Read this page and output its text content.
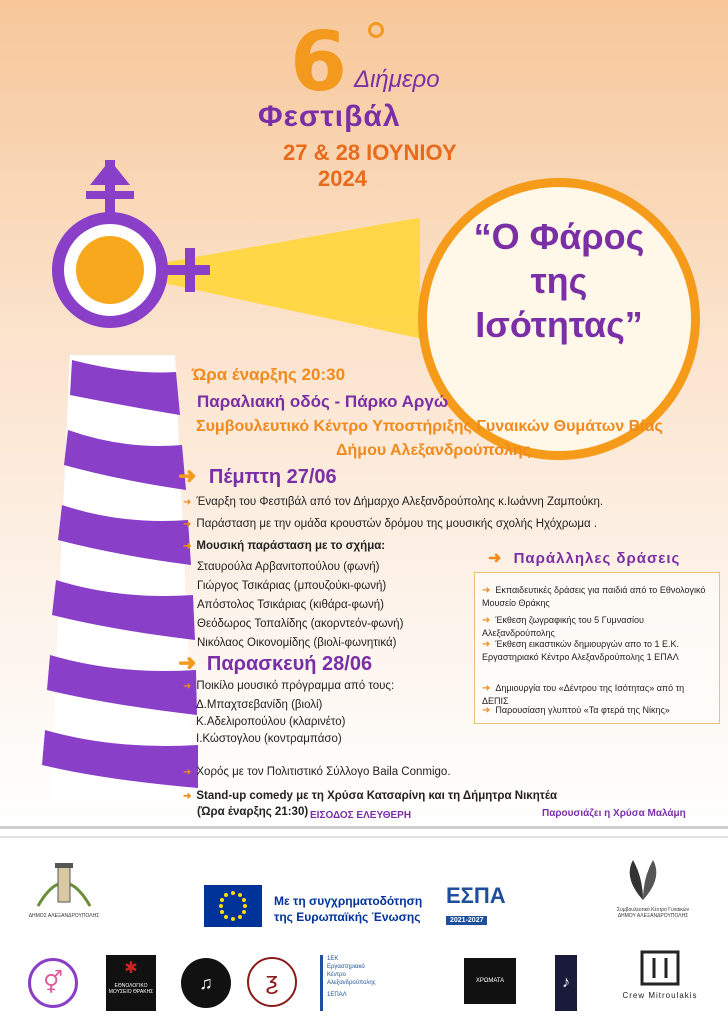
6 Διήμερο
Φεστιβάλ
27 & 28 ΙΟΥΝΙΟΥ
2024
“Ο Φάρος
της
Ισότητας”
Ώρα έναρξης 20:30
Παραλιακή οδός - Πάρκο Αργώ
Συμβουλευτικό Κέντρο Υποστήριξης Γυναικών Θυμάτων Βίας
Δήμου Αλεξανδρούπολης
➜ Πέμπτη 27/06
➜ Έναρξη του Φεστιβάλ από τον Δήμαρχο Αλεξανδρούπολης κ.Ιωάννη Ζαμπούκη.
➜ Παράσταση με την ομάδα κρουστών δρόμου της μουσικής σχολής Ηχόχρωμα .
➜ Μουσική παράσταση με το σχήμα:
Σταυρούλα Αρβανιτοπούλου (φωνή)
Γιώργος Τσικάριας (μπουζούκι-φωνή)
Απόστολος Τσικάριας (κιθάρα-φωνή)
Θεόδωρος Τοπαλίδης (ακορντεόν-φωνή)
Νικόλαος Οικονομίδης (βιολί-φωνητικά)
➜ Παρασκευή 28/06
➜ Ποικίλο μουσικό πρόγραμμα από τους:
Δ.Μπαχτσεβανίδη (βιολί)
Κ.Αδελιροπούλου (κλαρινέτο)
Ι.Κώστογλου (κοντραμπάσο)
➜ Χορός με τον Πολιτιστικό Σύλλογο Baila Conmigo.
➜ Stand-up comedy με τη Χρύσα Κατσαρίνη και τη Δήμητρα Νικητέα
(Ώρα έναρξης 21:30)
➜ Παράλληλες δράσεις
➜ Εκπαιδευτικές δράσεις για παιδιά από το Εθνολογικό Μουσείο Θράκης
➜ Έκθεση ζωγραφικής του 5 Γυμνασίου Αλεξανδρούπολης
➜ Έκθεση εικαστικών δημιουργών απο το 1 Ε.Κ. Εργαστηριακό Κέντρο Αλεξανδρούπολης 1 ΕΠΑΛ
➜ Δημιουργία του «Δέντρου της Ισότητας» από τη ΔΕΠΙΣ
➜ Παρουσίαση γλυπτού «Τα φτερά της Νίκης»
ΕΙΣΟΔΟΣ ΕΛΕΥΘΕΡΗ	Παρουσιάζει η Χρύσα Μαλάμη
ΔΗΜΟΣ ΑΛΕΞΑΝΔΡΟΥΠΟΛΗΣ
Με τη συγχρηματοδότηση
της Ευρωπαϊκής Ένωσης
ΕΣΠΑ
2021-2027
Συμβουλευτικό Κέντρο Γυναικών
ΔΗΜΟΥ ΑΛΕΞΑΝΔΡΟΥΠΟΛΗΣ
⚥
✱
ΕΘΝΟΛΟΓΙΚΟ ΜΟΥΣΕΙΟ ΘΡΑΚΗΣ	♫	ƺ
1ΕΚ
Εργαστηριακό
Κέντρο
Αλεξανδρούπολης
1ΕΠΑΛ
ΧΡΩΜΑΤΑ	♪
Crew Mitroulakis
